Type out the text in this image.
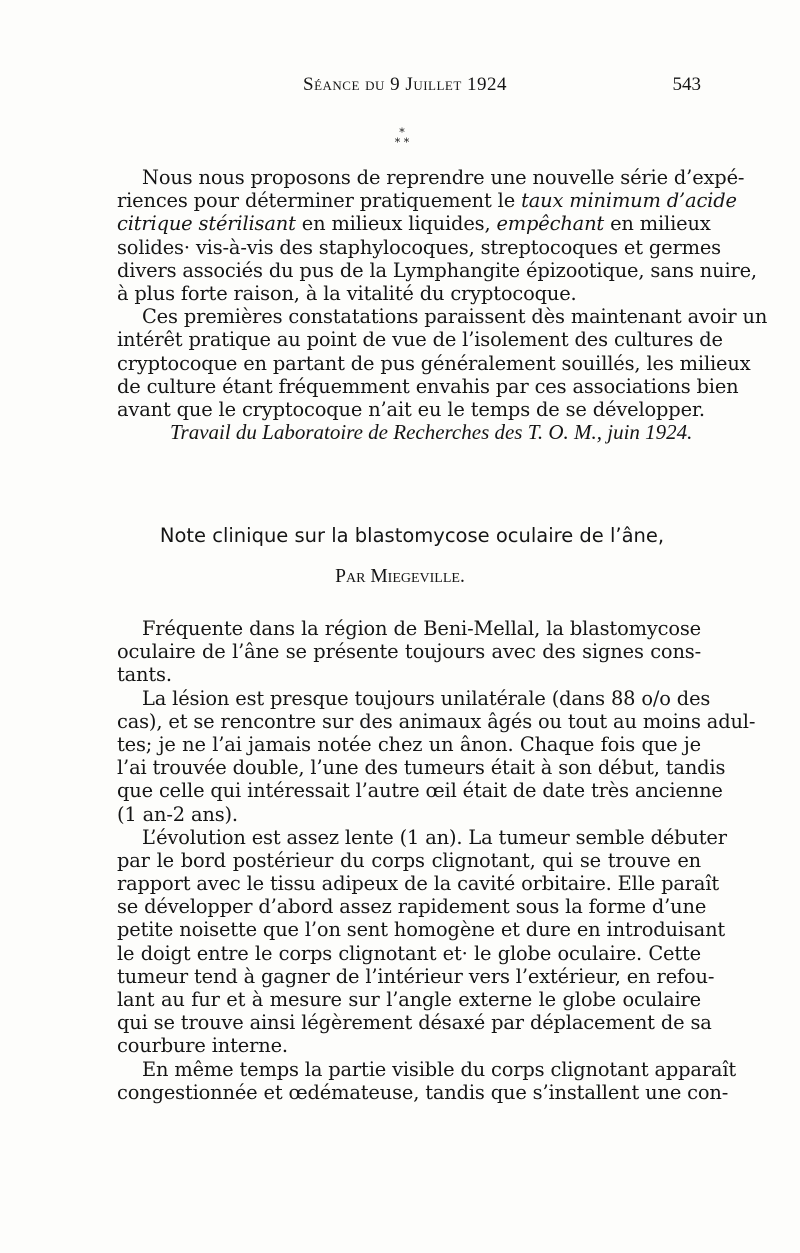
Séance du 9 Juillet 1924	543
*
* *
Nous nous proposons de reprendre une nouvelle série d’expé-
riences pour déterminer pratiquement le taux minimum d’acide
citrique stérilisant en milieux liquides, empêchant en milieux
solides· vis-à-vis des staphylocoques, streptocoques et germes
divers associés du pus de la Lymphangite épizootique, sans nuire,
à plus forte raison, à la vitalité du cryptocoque.
Ces premières constatations paraissent dès maintenant avoir un
intérêt pratique au point de vue de l’isolement des cultures de
cryptocoque en partant de pus généralement souillés, les milieux
de culture étant fréquemment envahis par ces associations bien
avant que le cryptocoque n’ait eu le temps de se développer.
Travail du Laboratoire de Recherches des T. O. M., juin 1924.
Note clinique sur la blastomycose oculaire de l’âne,
Par Miegeville.
Fréquente dans la région de Beni-Mellal, la blastomycose
oculaire de l’âne se présente toujours avec des signes cons-
tants.
La lésion est presque toujours unilatérale (dans 88 o/o des
cas), et se rencontre sur des animaux âgés ou tout au moins adul-
tes; je ne l’ai jamais notée chez un ânon. Chaque fois que je
l’ai trouvée double, l’une des tumeurs était à son début, tandis
que celle qui intéressait l’autre œil était de date très ancienne
(1 an-2 ans).
L’évolution est assez lente (1 an). La tumeur semble débuter
par le bord postérieur du corps clignotant, qui se trouve en
rapport avec le tissu adipeux de la cavité orbitaire. Elle paraît
se développer d’abord assez rapidement sous la forme d’une
petite noisette que l’on sent homogène et dure en introduisant
le doigt entre le corps clignotant et· le globe oculaire. Cette
tumeur tend à gagner de l’intérieur vers l’extérieur, en refou-
lant au fur et à mesure sur l’angle externe le globe oculaire
qui se trouve ainsi légèrement désaxé par déplacement de sa
courbure interne.
En même temps la partie visible du corps clignotant apparaît
congestionnée et œdémateuse, tandis que s’installent une con-
